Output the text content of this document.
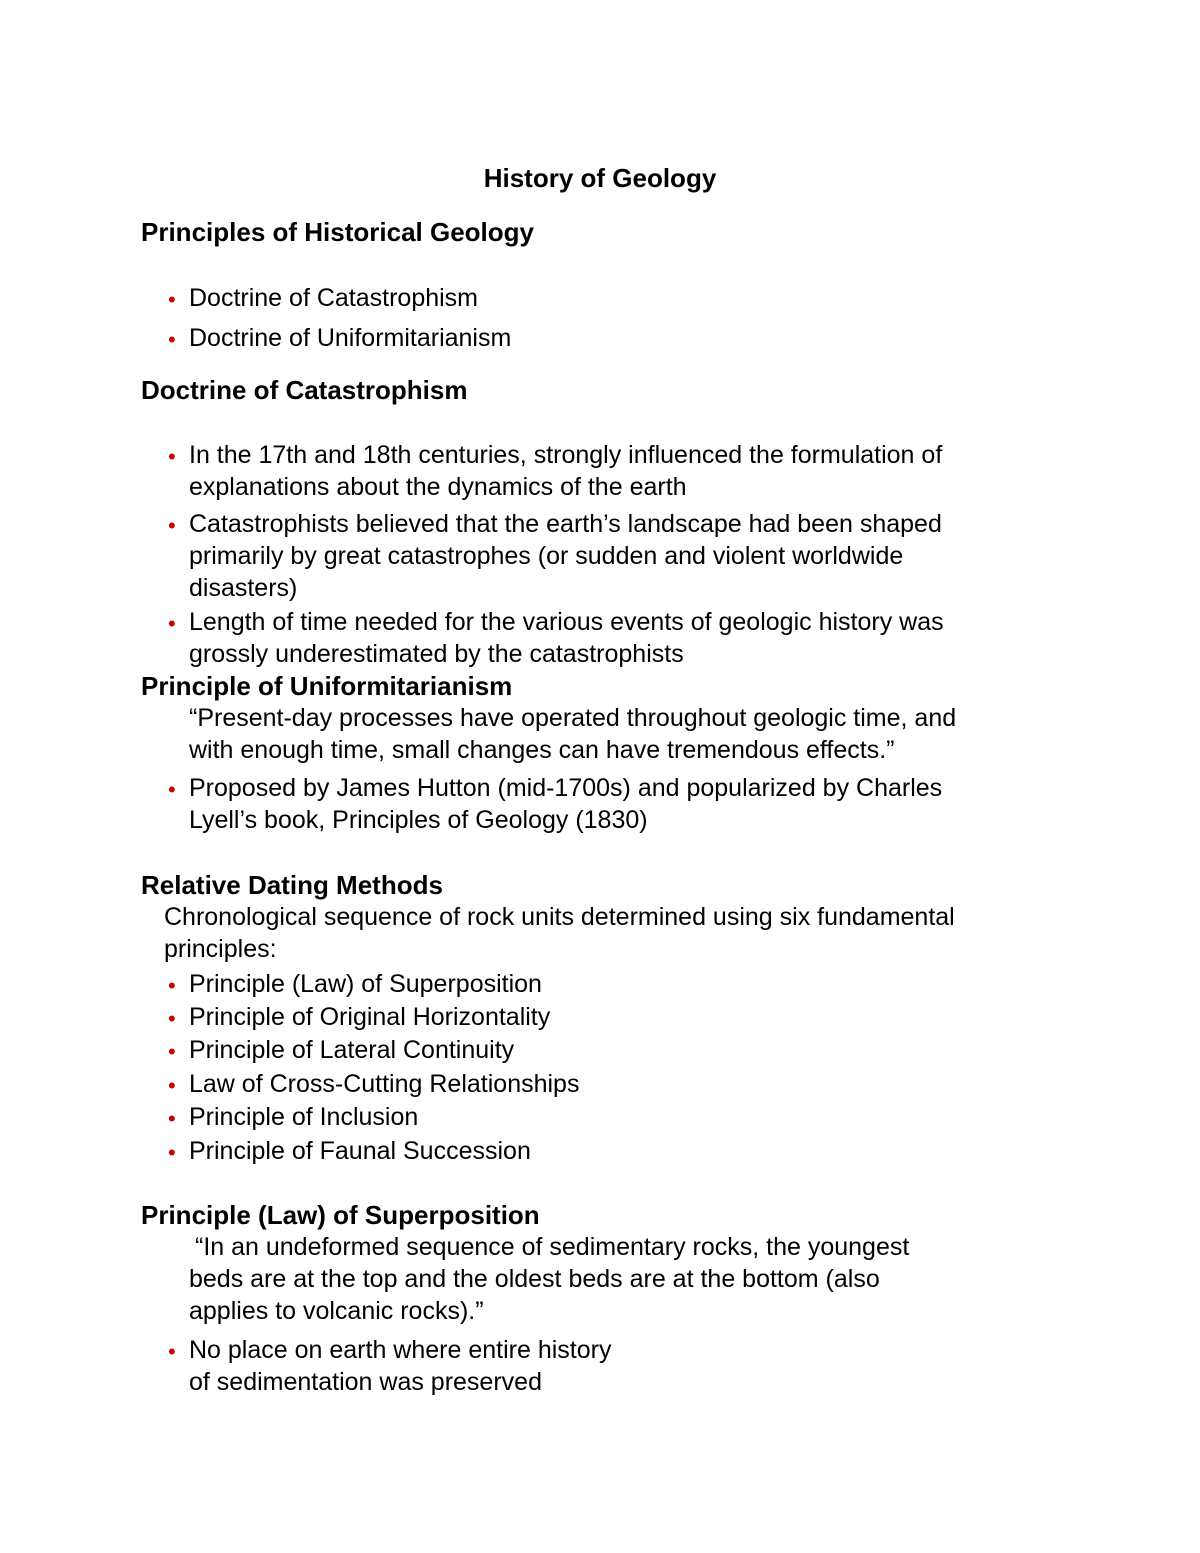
History of Geology
Principles of Historical Geology
• Doctrine of Catastrophism
• Doctrine of Uniformitarianism
Doctrine of Catastrophism
• In the 17th and 18th centuries, strongly influenced the formulation of
explanations about the dynamics of the earth
• Catastrophists believed that the earth’s landscape had been shaped
primarily by great catastrophes (or sudden and violent worldwide
disasters)
• Length of time needed for the various events of geologic history was
grossly underestimated by the catastrophists
Principle of Uniformitarianism
“Present-day processes have operated throughout geologic time, and
with enough time, small changes can have tremendous effects.”
• Proposed by James Hutton (mid-1700s) and popularized by Charles
Lyell’s book, Principles of Geology (1830)
Relative Dating Methods
Chronological sequence of rock units determined using six fundamental
principles:
• Principle (Law) of Superposition
• Principle of Original Horizontality
• Principle of Lateral Continuity
• Law of Cross-Cutting Relationships
• Principle of Inclusion
• Principle of Faunal Succession
Principle (Law) of Superposition
“In an undeformed sequence of sedimentary rocks, the youngest
beds are at the top and the oldest beds are at the bottom (also
applies to volcanic rocks).”
• No place on earth where entire history
of sedimentation was preserved
